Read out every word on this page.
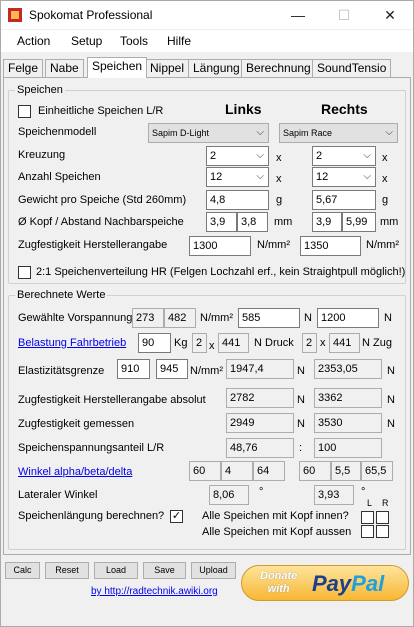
Spokomat Professional	—	☐	✕
Action Setup Tools Hilfe
Felge Nabe	Speichen Nippel Längung Berechnung SoundTensio
Speichen
Einheitliche Speichen L/R	Links	Rechts
Speichenmodell	Sapim D-Light	⌵	Sapim Race	⌵
Kreuzung	2	⌵ x	2	⌵ x
Anzahl Speichen	12	⌵ x	12	⌵ x
Gewicht pro Speiche (Std 260mm)	4,8	g	5,67	g
Ø Kopf / Abstand Nachbarspeiche	3,9	3,8	mm	3,9	5,99	mm
Zugfestigkeit Herstellerangabe	1300	N/mm²	1350	N/mm²
2:1 Speichenverteilung HR (Felgen Lochzahl erf., kein Straightpull möglich!)
Berechnete Werte
Gewählte Vorspannung 273	482	N/mm² 585	N 1200	N
Belastung Fahrbetrieb	90	Kg 2 x 441	N Druck	2 x 441 N Zug
Elastizitätsgrenze	910	945	N/mm² 1947,4	N	2353,05	N
Zugfestigkeit Herstellerangabe absolut	2782	N	3362	N
Zugfestigkeit gemessen	2949	N	3530	N
Speichenspannungsanteil L/R	48,76	:	100
Winkel alpha/beta/delta	60	4	64	60	5,5	65,5
Lateraler Winkel	8,06	°	3,93	°
Speichenlängung berechnen? ✓ Alle Speichen mit Kopf innen?
Alle Speichen mit Kopf aussen
L R
Calc	Reset	Load	Save	Upload
by http://radtechnik.awiki.org
Donate
with	PayPal
